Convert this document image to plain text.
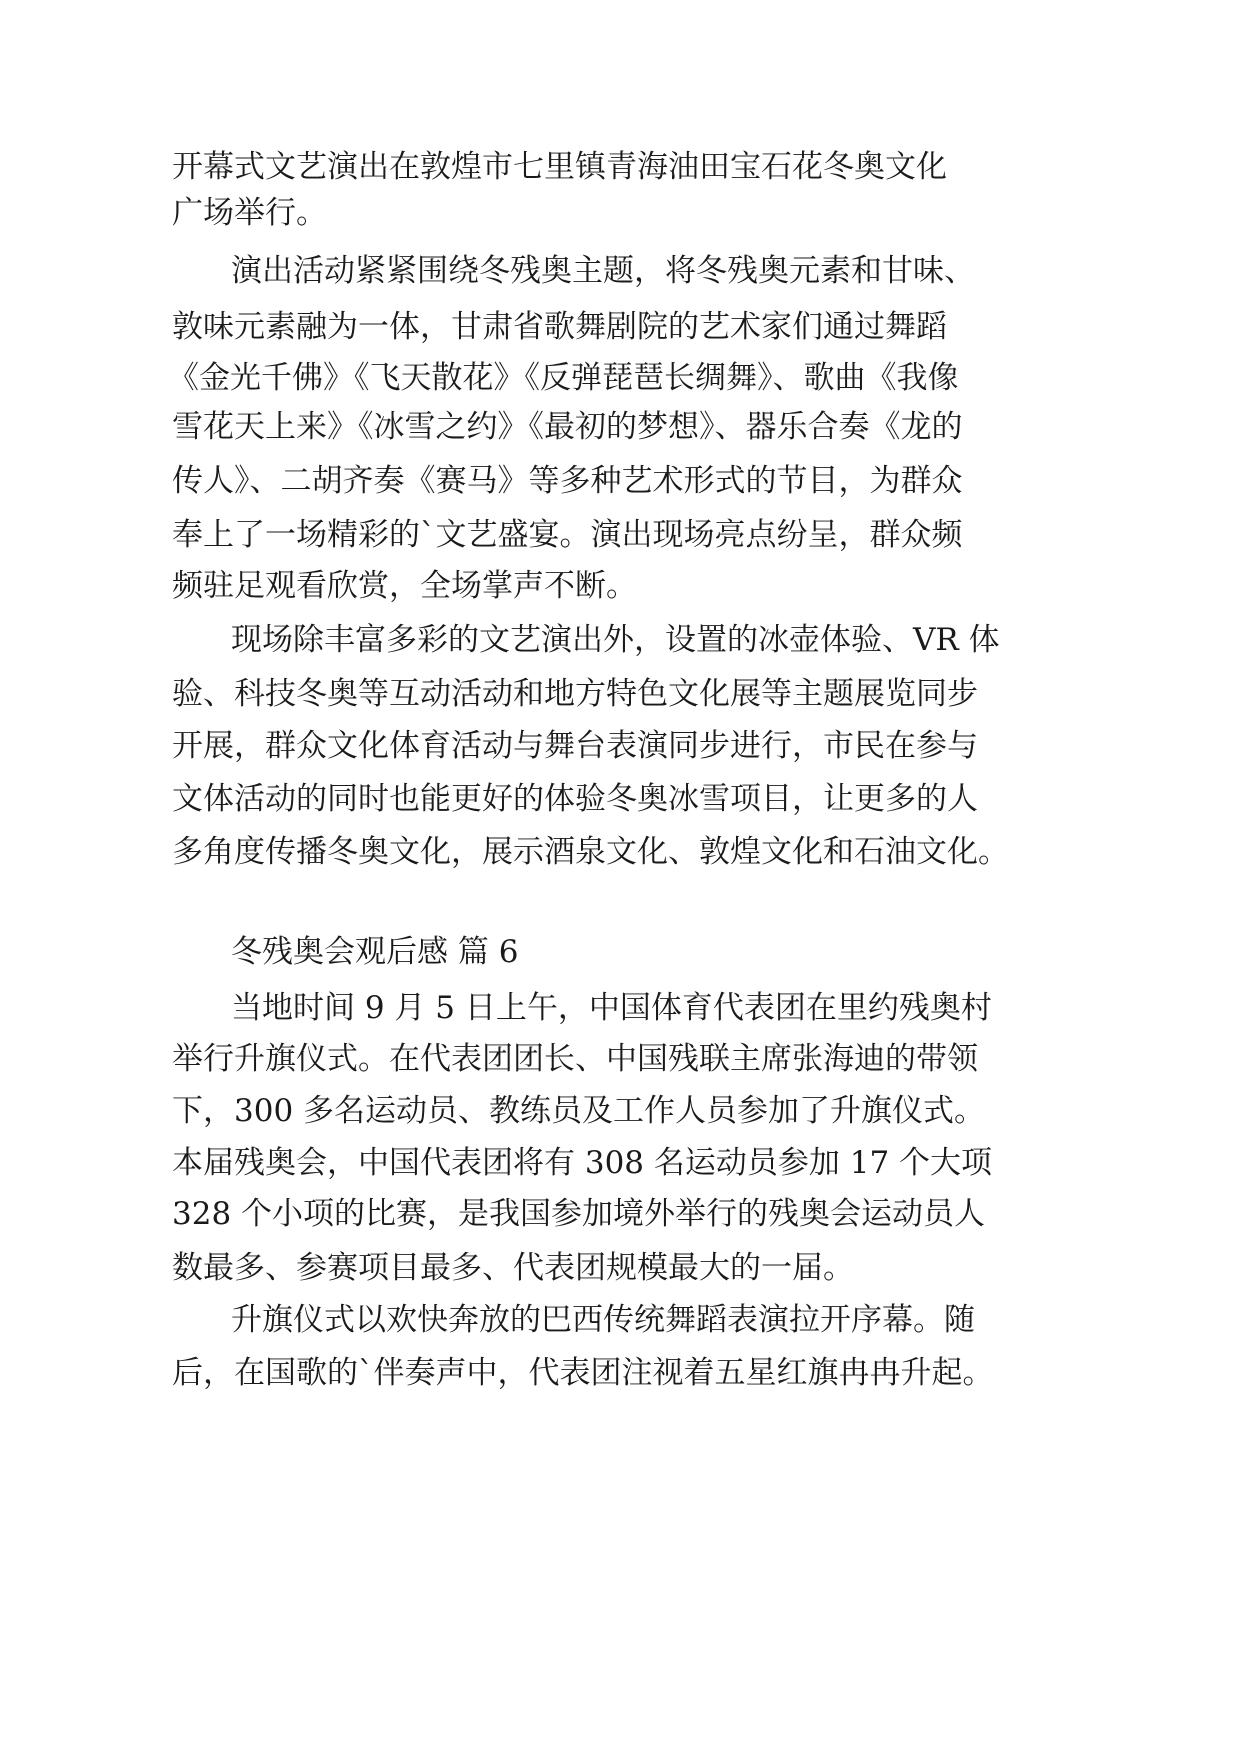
开幕式文艺演出在敦煌市七里镇青海油田宝石花冬奥文化

广场举行。

演出活动紧紧围绕冬残奥主题，将冬残奥元素和甘味、

敦味元素融为一体，甘肃省歌舞剧院的艺术家们通过舞蹈

《金光千佛》《飞天散花》《反弹琵琶长绸舞》、歌曲《我像

雪花天上来》《冰雪之约》《最初的梦想》、器乐合奏《龙的

传人》、二胡齐奏《赛马》等多种艺术形式的节目，为群众

奉上了一场精彩的`文艺盛宴。演出现场亮点纷呈，群众频

频驻足观看欣赏，全场掌声不断。

现场除丰富多彩的文艺演出外，设置的冰壶体验、VR 体

验、科技冬奥等互动活动和地方特色文化展等主题展览同步

开展，群众文化体育活动与舞台表演同步进行，市民在参与

文体活动的同时也能更好的体验冬奥冰雪项目，让更多的人

多角度传播冬奥文化，展示酒泉文化、敦煌文化和石油文化。

冬残奥会观后感 篇 6

当地时间 9 月 5 日上午，中国体育代表团在里约残奥村

举行升旗仪式。在代表团团长、中国残联主席张海迪的带领

下，300 多名运动员、教练员及工作人员参加了升旗仪式。

本届残奥会，中国代表团将有 308 名运动员参加 17 个大项

328 个小项的比赛，是我国参加境外举行的残奥会运动员人

数最多、参赛项目最多、代表团规模最大的一届。

升旗仪式以欢快奔放的巴西传统舞蹈表演拉开序幕。随

后，在国歌的`伴奏声中，代表团注视着五星红旗冉冉升起。
